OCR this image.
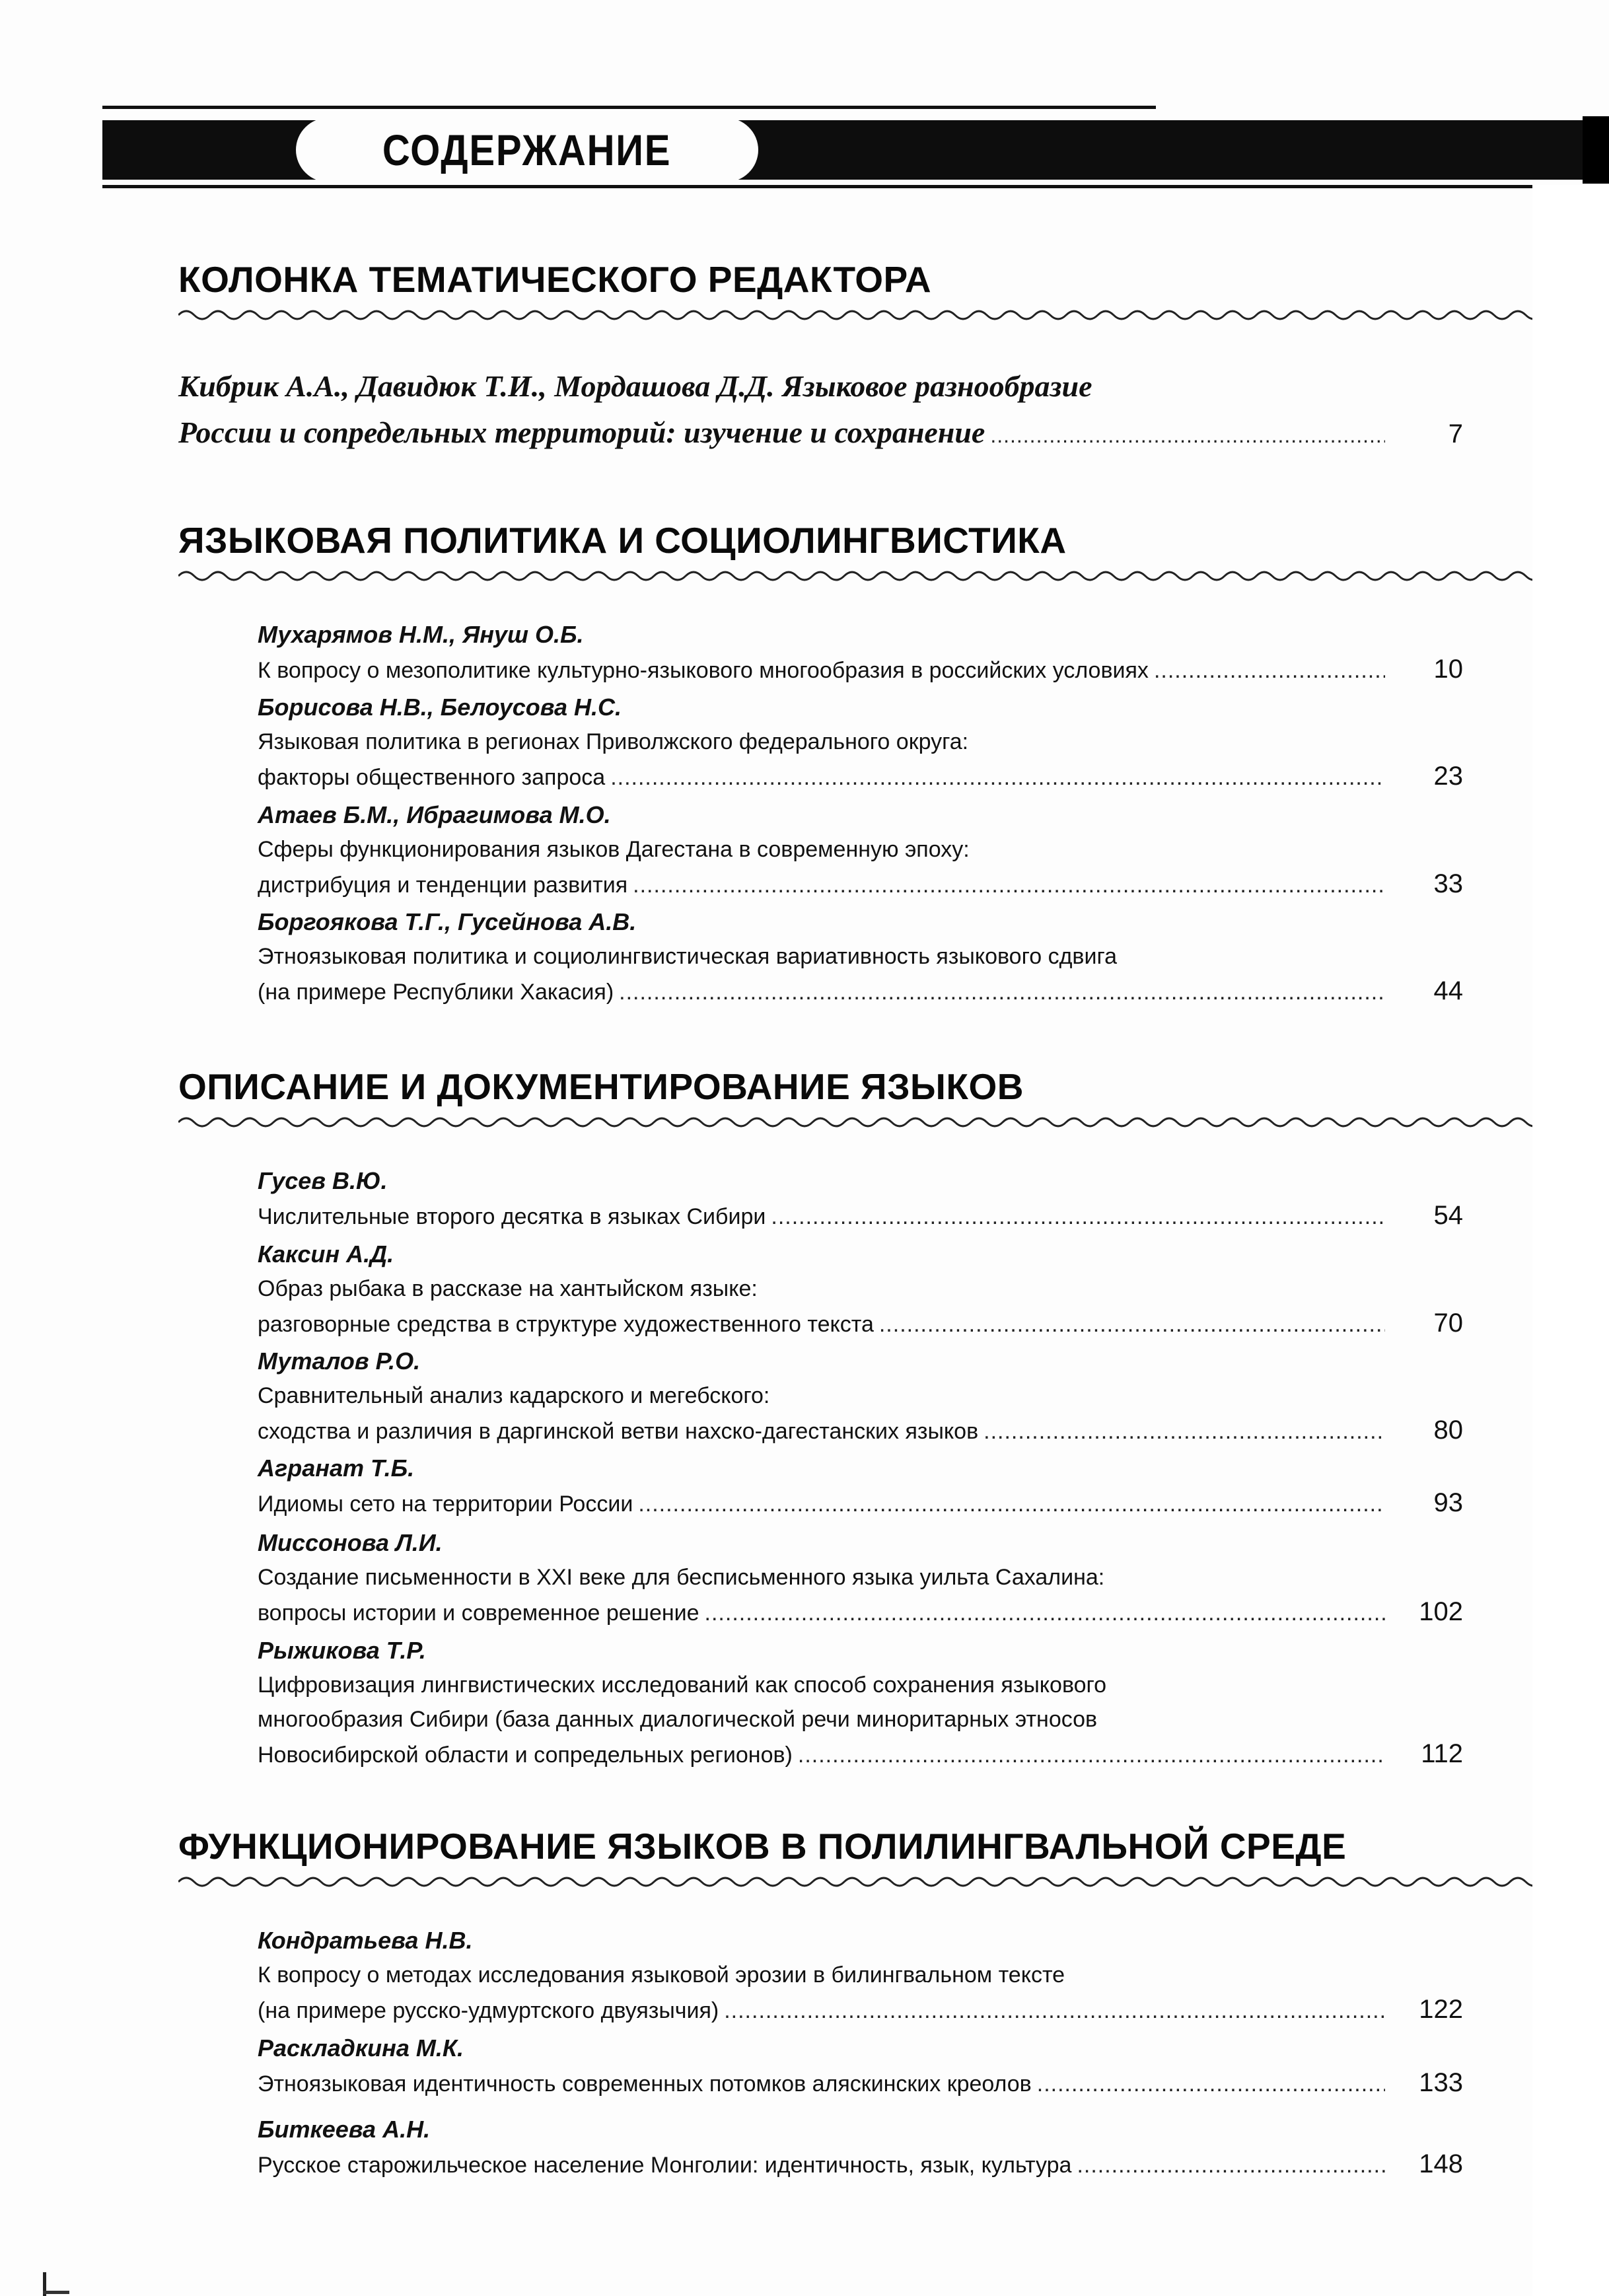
СОДЕРЖАНИЕ
КОЛОНКА ТЕМАТИЧЕСКОГО РЕДАКТОРА
Кибрик А.А., Давидюк Т.И., Мордашова Д.Д. Языковое разнообразие
России и сопредельных территорий: изучение и сохранение .....	7
ЯЗЫКОВАЯ ПОЛИТИКА И СОЦИОЛИНГВИСТИКА
Мухарямов Н.М., Януш О.Б.
К вопросу о мезополитике культурно-языкового многообразия в российских условиях .....	10
Борисова Н.В., Белоусова Н.С.
Языковая политика в регионах Приволжского федерального округа:
факторы общественного запроса .....	23
Атаев Б.М., Ибрагимова М.О.
Сферы функционирования языков Дагестана в современную эпоху:
дистрибуция и тенденции развития .....	33
Боргоякова Т.Г., Гусейнова А.В.
Этноязыковая политика и социолингвистическая вариативность языкового сдвига
(на примере Республики Хакасия) .....	44
ОПИСАНИЕ И ДОКУМЕНТИРОВАНИЕ ЯЗЫКОВ
Гусев В.Ю.
Числительные второго десятка в языках Сибири .....	54
Каксин А.Д.
Образ рыбака в рассказе на хантыйском языке:
разговорные средства в структуре художественного текста .....	70
Муталов Р.О.
Сравнительный анализ кадарского и мегебского:
сходства и различия в даргинской ветви нахско-дагестанских языков .....	80
Агранат Т.Б.
Идиомы сето на территории России .....	93
Миссонова Л.И.
Создание письменности в XXI веке для бесписьменного языка уильта Сахалина:
вопросы истории и современное решение .....	102
Рыжикова Т.Р.
Цифровизация лингвистических исследований как способ сохранения языкового
многообразия Сибири (база данных диалогической речи миноритарных этносов
Новосибирской области и сопредельных регионов) .....	112
ФУНКЦИОНИРОВАНИЕ ЯЗЫКОВ В ПОЛИЛИНГВАЛЬНОЙ СРЕДЕ
Кондратьева Н.В.
К вопросу о методах исследования языковой эрозии в билингвальном тексте
(на примере русско-удмуртского двуязычия) .....	122
Раскладкина М.К.
Этноязыковая идентичность современных потомков аляскинских креолов .....	133
Биткеева А.Н.
Русское старожильческое население Монголии: идентичность, язык, культура .....	148
